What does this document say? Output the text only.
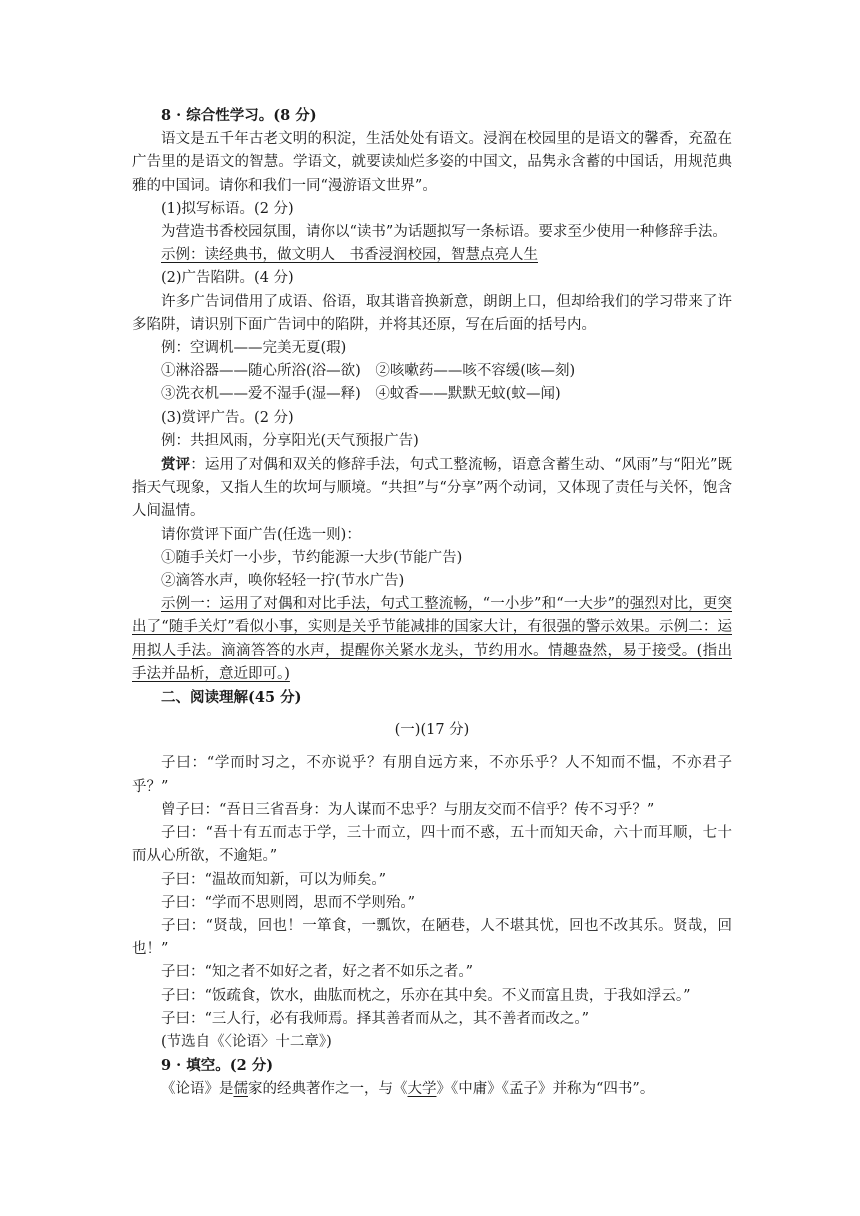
8 · 综合性学习。(8 分)

语文是五千年古老文明的积淀，生活处处有语文。浸润在校园里的是语文的馨香，充盈在广告里的是语文的智慧。学语文，就要读灿烂多姿的中国文，品隽永含蓄的中国话，用规范典雅的中国词。请你和我们一同“漫游语文世界”。

(1)拟写标语。(2 分)

为营造书香校园氛围，请你以“读书”为话题拟写一条标语。要求至少使用一种修辞手法。

示例：读经典书，做文明人　书香浸润校园，智慧点亮人生

(2)广告陷阱。(4 分)

许多广告词借用了成语、俗语，取其谐音换新意，朗朗上口，但却给我们的学习带来了许多陷阱，请识别下面广告词中的陷阱，并将其还原，写在后面的括号内。

例：空调机——完美无夏(瑕)

①淋浴器——随心所浴(浴—欲)　②咳嗽药——咳不容缓(咳—刻)

③洗衣机——爱不湿手(湿—释)　④蚊香——默默无蚊(蚊—闻)

(3)赏评广告。(2 分)

例：共担风雨，分享阳光(天气预报广告)

赏评：运用了对偶和双关的修辞手法，句式工整流畅，语意含蓄生动、“风雨”与“阳光”既指天气现象，又指人生的坎坷与顺境。“共担”与“分享”两个动词，又体现了责任与关怀，饱含人间温情。

请你赏评下面广告(任选一则)：

①随手关灯一小步，节约能源一大步(节能广告)

②滴答水声，唤你轻轻一拧(节水广告)

示例一：运用了对偶和对比手法，句式工整流畅，“一小步”和“一大步”的强烈对比，更突出了“随手关灯”看似小事，实则是关乎节能减排的国家大计，有很强的警示效果。示例二：运用拟人手法。滴滴答答的水声，提醒你关紧水龙头，节约用水。情趣盎然，易于接受。(指出手法并品析，意近即可。)

二、阅读理解(45 分)

(一)(17 分)

子曰：“学而时习之，不亦说乎？有朋自远方来，不亦乐乎？人不知而不愠，不亦君子乎？”

曾子曰：“吾日三省吾身：为人谋而不忠乎？与朋友交而不信乎？传不习乎？”

子曰：“吾十有五而志于学，三十而立，四十而不惑，五十而知天命，六十而耳顺，七十而从心所欲，不逾矩。”

子曰：“温故而知新，可以为师矣。”

子曰：“学而不思则罔，思而不学则殆。”

子曰：“贤哉，回也！一箪食，一瓢饮，在陋巷，人不堪其忧，回也不改其乐。贤哉，回也！”

子曰：“知之者不如好之者，好之者不如乐之者。”

子曰：“饭疏食，饮水，曲肱而枕之，乐亦在其中矣。不义而富且贵，于我如浮云。”

子曰：“三人行，必有我师焉。择其善者而从之，其不善者而改之。”

(节选自《〈论语〉十二章》)

9 · 填空。(2 分)

《论语》是儒家的经典著作之一，与《大学》《中庸》《孟子》并称为“四书”。
